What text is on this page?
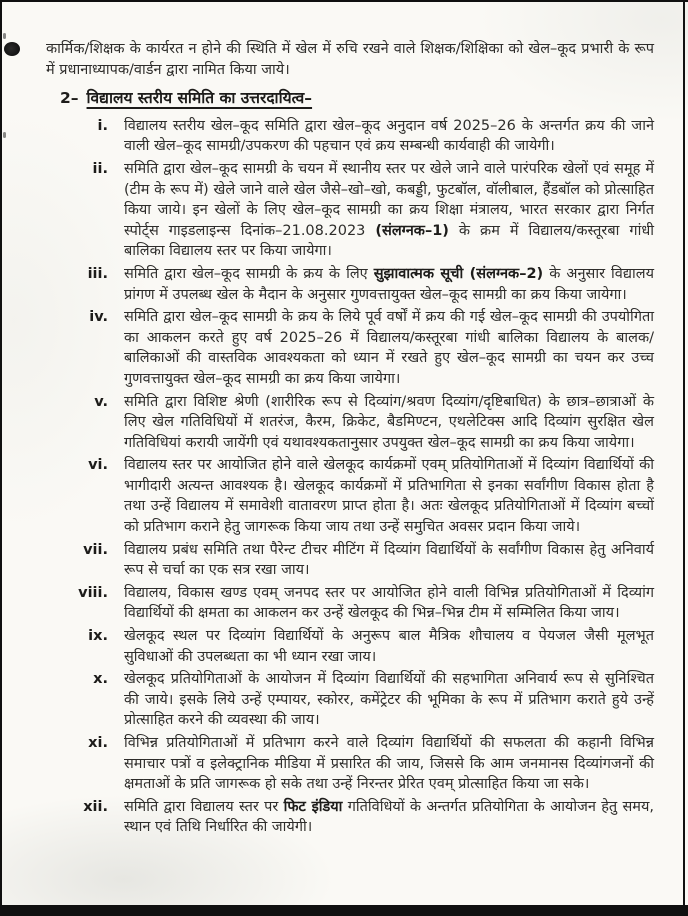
कार्मिक/शिक्षक के कार्यरत न होने की स्थिति में खेल में रुचि रखने वाले शिक्षक/शिक्षिका को खेल–कूद प्रभारी के रूप में प्रधानाध्यापक/वार्डन द्वारा नामित किया जाये।

2– विद्यालय स्तरीय समिति का उत्तरदायित्व–
i.	विद्यालय स्तरीय खेल–कूद समिति द्वारा खेल–कूद अनुदान वर्ष 2025–26 के अन्तर्गत क्रय की जाने वाली खेल–कूद सामग्री/उपकरण की पहचान एवं क्रय सम्बन्धी कार्यवाही की जायेगी।
ii.	समिति द्वारा खेल–कूद सामग्री के चयन में स्थानीय स्तर पर खेले जाने वाले पारंपरिक खेलों एवं समूह में (टीम के रूप में) खेले जाने वाले खेल जैसे–खो–खो, कबड्डी, फुटबॉल, वॉलीबाल, हैंडबॉल को प्रोत्साहित किया जाये। इन खेलों के लिए खेल–कूद सामग्री का क्रय शिक्षा मंत्रालय, भारत सरकार द्वारा निर्गत स्पोर्ट्स गाइडलाइन्स दिनांक–21.08.2023 (संलग्नक–1) के क्रम में विद्यालय/कस्तूरबा गांधी बालिका विद्यालय स्तर पर किया जायेगा।
iii.	समिति द्वारा खेल–कूद सामग्री के क्रय के लिए सुझावात्मक सूची (संलग्नक–2) के अनुसार विद्यालय प्रांगण में उपलब्ध खेल के मैदान के अनुसार गुणवत्तायुक्त खेल–कूद सामग्री का क्रय किया जायेगा।
iv.	समिति द्वारा खेल–कूद सामग्री के क्रय के लिये पूर्व वर्षों में क्रय की गई खेल–कूद सामग्री की उपयोगिता का आकलन करते हुए वर्ष 2025–26 में विद्यालय/कस्तूरबा गांधी बालिका विद्यालय के बालक/बालिकाओं की वास्तविक आवश्यकता को ध्यान में रखते हुए खेल–कूद सामग्री का चयन कर उच्च गुणवत्तायुक्त खेल–कूद सामग्री का क्रय किया जायेगा।
v.	समिति द्वारा विशिष्ट श्रेणी (शारीरिक रूप से दिव्यांग/श्रवण दिव्यांग/दृष्टिबाधित) के छात्र–छात्राओं के लिए खेल गतिविधियों में शतरंज, कैरम, क्रिकेट, बैडमिण्टन, एथलेटिक्स आदि दिव्यांग सुरक्षित खेल गतिविधियां करायी जायेंगी एवं यथावश्यकतानुसार उपयुक्त खेल–कूद सामग्री का क्रय किया जायेगा।
vi.	विद्यालय स्तर पर आयोजित होने वाले खेलकूद कार्यक्रमों एवम् प्रतियोगिताओं में दिव्यांग विद्यार्थियों की भागीदारी अत्यन्त आवश्यक है। खेलकूद कार्यक्रमों में प्रतिभागिता से इनका सर्वांगीण विकास होता है तथा उन्हें विद्यालय में समावेशी वातावरण प्राप्त होता है। अतः खेलकूद प्रतियोगिताओं में दिव्यांग बच्चों को प्रतिभाग कराने हेतु जागरूक किया जाय तथा उन्हें समुचित अवसर प्रदान किया जाये।
vii.	विद्यालय प्रबंध समिति तथा पैरेन्ट टीचर मीटिंग में दिव्यांग विद्यार्थियों के सर्वांगीण विकास हेतु अनिवार्य रूप से चर्चा का एक सत्र रखा जाय।
viii.	विद्यालय, विकास खण्ड एवम् जनपद स्तर पर आयोजित होने वाली विभिन्न प्रतियोगिताओं में दिव्यांग विद्यार्थियों की क्षमता का आकलन कर उन्हें खेलकूद की भिन्न–भिन्न टीम में सम्मिलित किया जाय।
ix.	खेलकूद स्थल पर दिव्यांग विद्यार्थियों के अनुरूप बाल मैत्रिक शौचालय व पेयजल जैसी मूलभूत सुविधाओं की उपलब्धता का भी ध्यान रखा जाय।
x.	खेलकूद प्रतियोगिताओं के आयोजन में दिव्यांग विद्यार्थियों की सहभागिता अनिवार्य रूप से सुनिश्चित की जाये। इसके लिये उन्हें एम्पायर, स्कोरर, कमेंट्रेटर की भूमिका के रूप में प्रतिभाग कराते हुये उन्हें प्रोत्साहित करने की व्यवस्था की जाय।
xi.	विभिन्न प्रतियोगिताओं में प्रतिभाग करने वाले दिव्यांग विद्यार्थियों की सफलता की कहानी विभिन्न समाचार पत्रों व इलेक्ट्रानिक मीडिया में प्रसारित की जाय, जिससे कि आम जनमानस दिव्यांगजनों की क्षमताओं के प्रति जागरूक हो सके तथा उन्हें निरन्तर प्रेरित एवम् प्रोत्साहित किया जा सके।
xii.	समिति द्वारा विद्यालय स्तर पर फिट इंडिया गतिविधियों के अन्तर्गत प्रतियोगिता के आयोजन हेतु समय, स्थान एवं तिथि निर्धारित की जायेगी।
